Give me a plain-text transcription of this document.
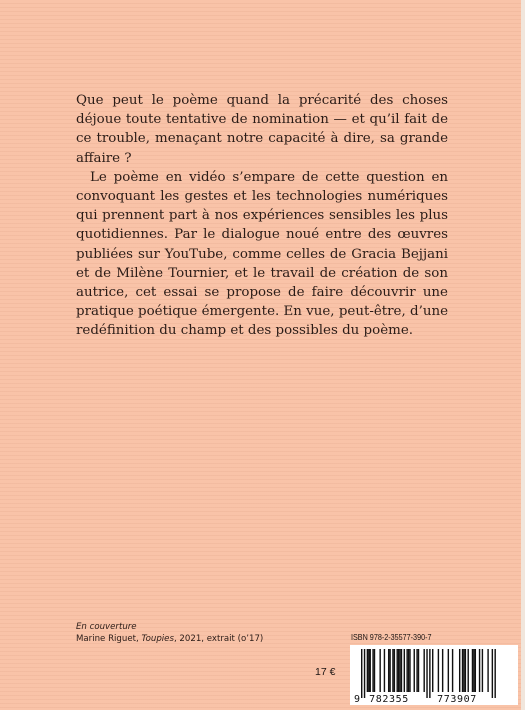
Que peut le poème quand la précarité des choses déjoue toute tentative de nomination — et qu’il fait de ce trouble, menaçant notre capacité à dire, sa grande affaire ?

Le poème en vidéo s’empare de cette question en convoquant les gestes et les technologies numériques qui prennent part à nos expériences sensibles les plus quotidiennes. Par le dialogue noué entre des œuvres publiées sur YouTube, comme celles de Gracia Bejjani et de Milène Tournier, et le travail de création de son autrice, cet essai se propose de faire découvrir une pratique poétique émergente. En vue, peut-être, d’une redéfinition du champ et des possibles du poème.

En couverture
Marine Riguet, Toupies, 2021, extrait (o’17)	ISBN 978-2-35577-390-7
17 €
9 782355	773907
